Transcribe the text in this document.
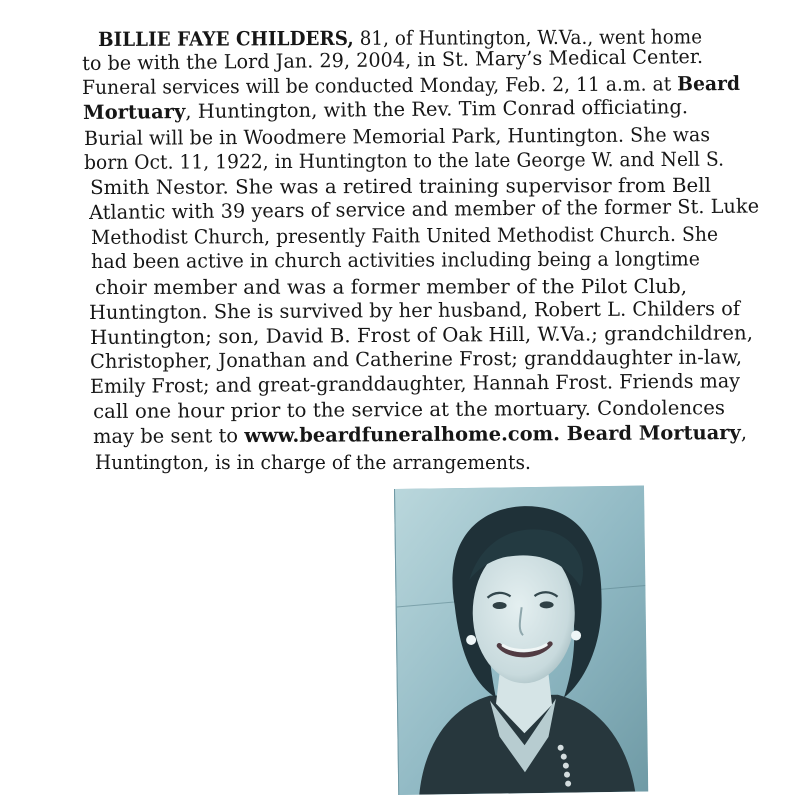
BILLIE FAYE CHILDERS, 81, of Huntington, W.Va., went home

to be with the Lord Jan. 29, 2004, in St. Mary’s Medical Center.

Funeral services will be conducted Monday, Feb. 2, 11 a.m. at Beard

Mortuary, Huntington, with the Rev. Tim Conrad officiating.

Burial will be in Woodmere Memorial Park, Huntington. She was

born Oct. 11, 1922, in Huntington to the late George W. and Nell S.

Smith Nestor. She was a retired training supervisor from Bell

Atlantic with 39 years of service and member of the former St. Luke

Methodist Church, presently Faith United Methodist Church. She

had been active in church activities including being a longtime

choir member and was a former member of the Pilot Club,

Huntington. She is survived by her husband, Robert L. Childers of

Huntington; son, David B. Frost of Oak Hill, W.Va.; grandchildren,

Christopher, Jonathan and Catherine Frost; granddaughter in-law,

Emily Frost; and great-granddaughter, Hannah Frost. Friends may

call one hour prior to the service at the mortuary. Condolences

may be sent to www.beardfuneralhome.com. Beard Mortuary,

Huntington, is in charge of the arrangements.
